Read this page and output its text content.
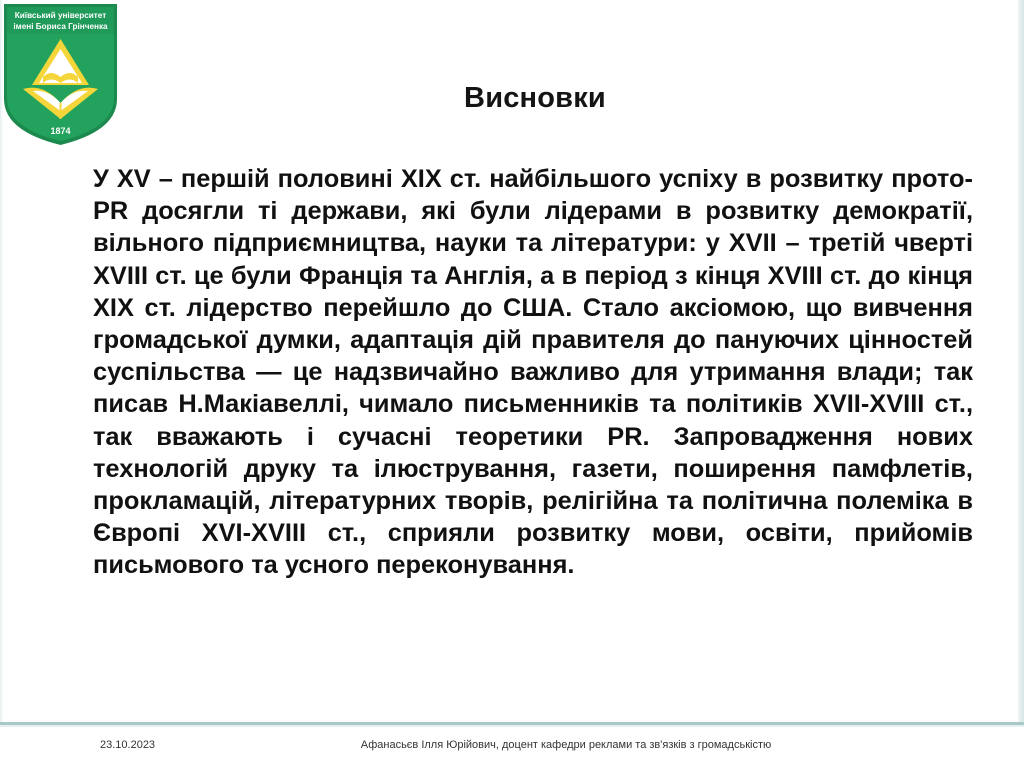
Київський університет
імені Бориса Грінченка
1874
Висновки
У XV – першій половині XIX ст. найбільшого успіху в розвитку прото-PR досягли ті держави, які були лідерами в розвитку демократії, вільного підприємництва, науки та літератури: у XVII – третій чверті XVIII ст. це були Франція та Англія, а в період з кінця XVIII ст. до кінця XIX ст. лідерство перейшло до США. Стало аксіомою, що вивчення громадської думки, адаптація дій правителя до пануючих цінностей суспільства — це надзвичайно важливо для утримання влади; так писав Н.Макіавеллі, чимало письменників та політиків XVII-XVIII ст., так вважають і сучасні теоретики PR. Запровадження нових технологій друку та ілюстрування, газети, поширення памфлетів, прокламацій, літературних творів, релігійна та політична полеміка в Європі XVI-XVIII ст., сприяли розвитку мови, освіти, прийомів письмового та усного переконування.
23.10.2023	Афанасьєв Ілля Юрійович, доцент кафедри реклами та зв'язків з громадськістю
